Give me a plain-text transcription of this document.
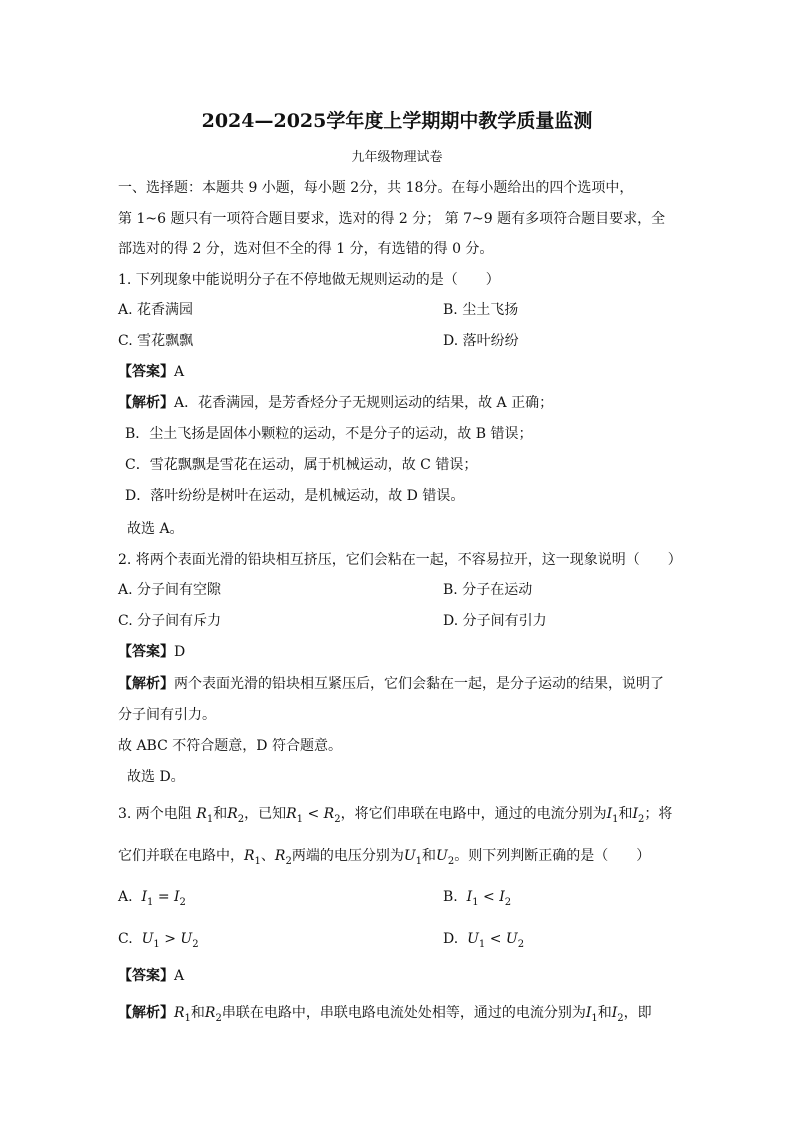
2024—2025学年度上学期期中教学质量监测
九年级物理试卷
一、选择题：本题共 9 小题，每小题 2分，共 18分。在每小题给出的四个选项中，
第 1~6 题只有一项符合题目要求，选对的得 2 分； 第 7~9 题有多项符合题目要求，全
部选对的得 2 分，选对但不全的得 1 分，有选错的得 0 分。
1. 下列现象中能说明分子在不停地做无规则运动的是（　　）
A. 花香满园	B. 尘土飞扬
C. 雪花飘飘	D. 落叶纷纷
【答案】A
【解析】A．花香满园，是芳香烃分子无规则运动的结果，故 A 正确；
B．尘土飞扬是固体小颗粒的运动，不是分子的运动，故 B 错误；
C．雪花飘飘是雪花在运动，属于机械运动，故 C 错误；
D．落叶纷纷是树叶在运动，是机械运动，故 D 错误。
故选 A。
2. 将两个表面光滑的铅块相互挤压，它们会粘在一起，不容易拉开，这一现象说明（　　）
A. 分子间有空隙	B. 分子在运动
C. 分子间有斥力	D. 分子间有引力
【答案】D
【解析】两个表面光滑的铅块相互紧压后，它们会黏在一起，是分子运动的结果，说明了
分子间有引力。
故 ABC 不符合题意，D 符合题意。
故选 D。
3. 两个电阻 $R_1$和$R_2$，已知$R_1 < R_2$，将它们串联在电路中，通过的电流分别为$I_1$和$I_2$；将
它们并联在电路中，$R_1$、$R_2$两端的电压分别为$U_1$和$U_2$。则下列判断正确的是（　　）
A. $I_1 = I_2$	B. $I_1 < I_2$
C. $U_1 > U_2$	D. $U_1 < U_2$
【答案】A
【解析】$R_1$和$R_2$串联在电路中，串联电路电流处处相等，通过的电流分别为$I_1$和$I_2$，即
